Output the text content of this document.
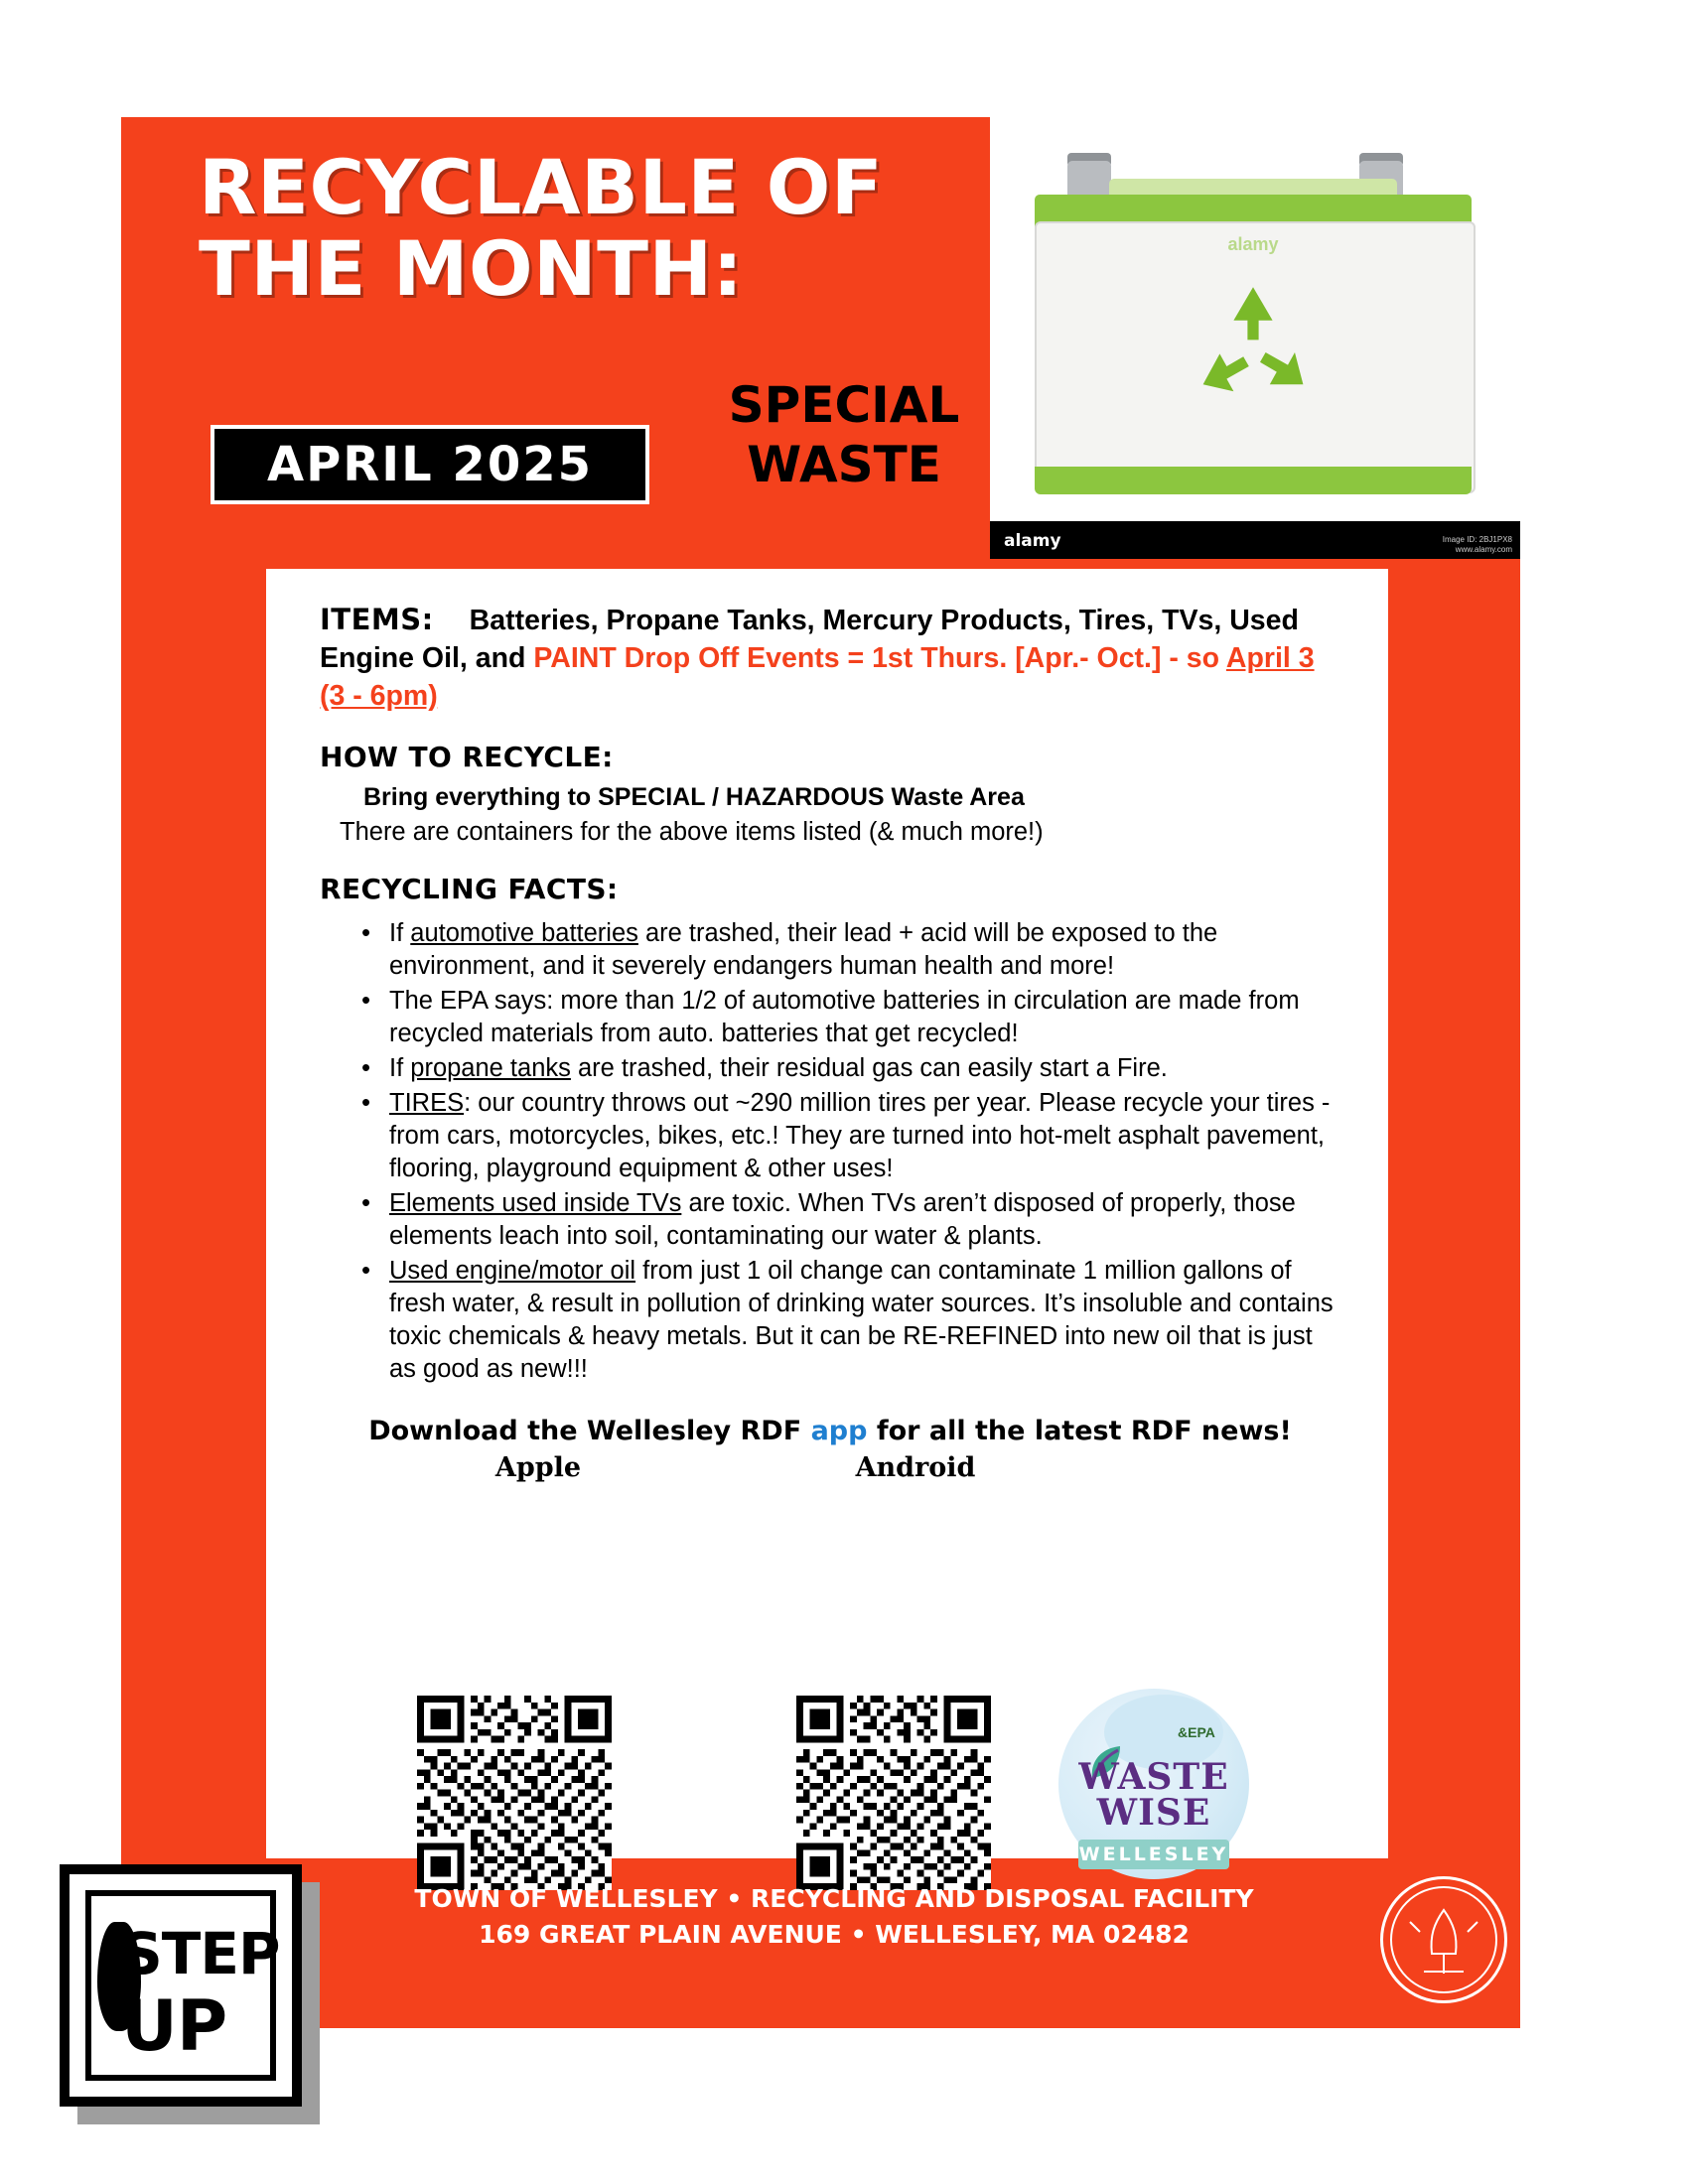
RECYCLABLE OF
THE MONTH:
SPECIAL
WASTE
APRIL 2025
alamy
alamy	Image ID: 2BJ1PX8
www.alamy.com
ITEMS: Batteries, Propane Tanks, Mercury Products, Tires, TVs, Used Engine Oil, and PAINT Drop Off Events = 1st Thurs. [Apr.- Oct.] - so April 3 (3 - 6pm)
HOW TO RECYCLE:
Bring everything to SPECIAL / HAZARDOUS Waste Area
There are containers for the above items listed (& much more!)
RECYCLING FACTS:
• If automotive batteries are trashed, their lead + acid will be exposed to the environment, and it severely endangers human health and more!
• The EPA says: more than 1/2 of automotive batteries in circulation are made from recycled materials from auto. batteries that get recycled!
• If propane tanks are trashed, their residual gas can easily start a Fire.
• TIRES: our country throws out ~290 million tires per year. Please recycle your tires - from cars, motorcycles, bikes, etc.! They are turned into hot-melt asphalt pavement, flooring, playground equipment & other uses!
• Elements used inside TVs are toxic. When TVs aren’t disposed of properly, those elements leach into soil, contaminating our water & plants.
• Used engine/motor oil from just 1 oil change can contaminate 1 million gallons of fresh water, & result in pollution of drinking water sources. It’s insoluble and contains toxic chemicals & heavy metals. But it can be RE-REFINED into new oil that is just as good as new!!!
Download the Wellesley RDF app for all the latest RDF news!
Apple	Android
&EPA
WASTE
WISE
WELLESLEY
TOWN OF WELLESLEY • RECYCLING AND DISPOSAL FACILITY
169 GREAT PLAIN AVENUE • WELLESLEY, MA 02482
STEP
UP
